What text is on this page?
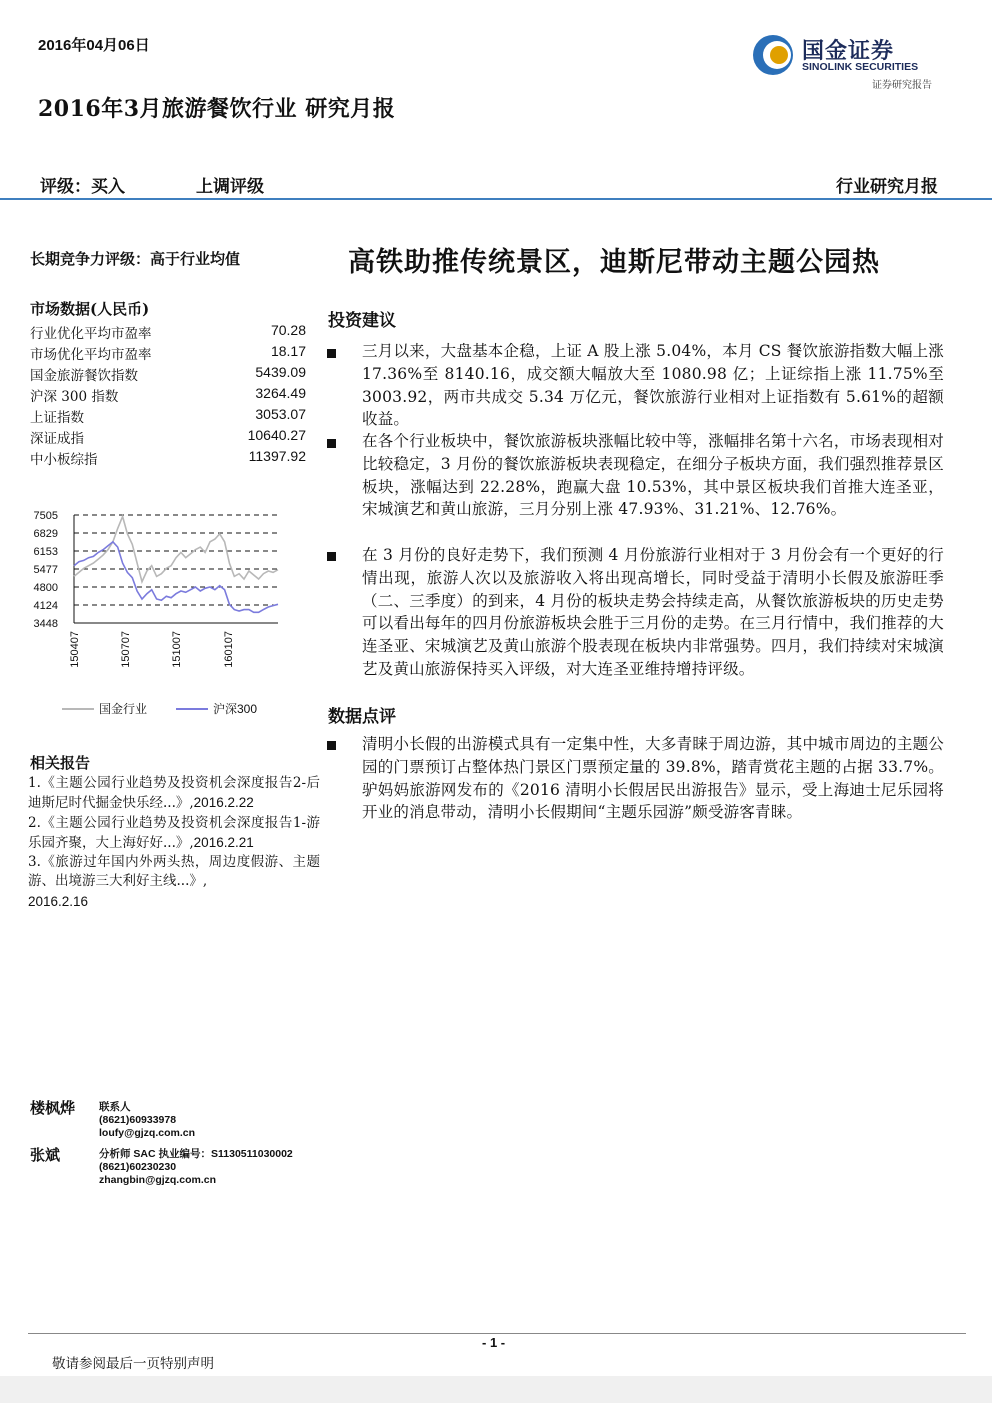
2016年04月06日
2016年3月旅游餐饮行业 研究月报
国金证券
SINOLINK SECURITIES
证券研究报告
评级：买入	上调评级	行业研究月报
长期竞争力评级：高于行业均值
市场数据(人民币)
行业优化平均市盈率	70.28
市场优化平均市盈率	18.17
国金旅游餐饮指数	5439.09
沪深 300 指数	3264.49
上证指数	3053.07
深证成指	10640.27
中小板综指	11397.92
7505
6829
6153
5477
4800
4124
3448
150407	150707	151007	160107
国金行业	沪深300
相关报告
1.《主题公园行业趋势及投资机会深度报告2-后迪斯尼时代掘金快乐经...》,2016.2.22
2.《主题公园行业趋势及投资机会深度报告1-游乐园齐聚，大上海好好...》,2016.2.21
3.《旅游过年国内外两头热，周边度假游、主题游、出境游三大利好主线...》,
2016.2.16
楼枫烨 联系人
(8621)60933978
loufy@gjzq.com.cn
张斌	分析师 SAC 执业编号：S1130511030002
(8621)60230230
zhangbin@gjzq.com.cn
高铁助推传统景区，迪斯尼带动主题公园热
投资建议
三月以来，大盘基本企稳，上证 A 股上涨 5.04%，本月 CS 餐饮旅游指数大幅上涨 17.36%至 8140.16，成交额大幅放大至 1080.98 亿；上证综指上涨 11.75%至 3003.92，两市共成交 5.34 万亿元，餐饮旅游行业相对上证指数有 5.61%的超额收益。
在各个行业板块中，餐饮旅游板块涨幅比较中等，涨幅排名第十六名，市场表现相对比较稳定，3 月份的餐饮旅游板块表现稳定，在细分子板块方面，我们强烈推荐景区板块，涨幅达到 22.28%，跑赢大盘 10.53%，其中景区板块我们首推大连圣亚，宋城演艺和黄山旅游，三月分别上涨 47.93%、31.21%、12.76%。
在 3 月份的良好走势下，我们预测 4 月份旅游行业相对于 3 月份会有一个更好的行情出现，旅游人次以及旅游收入将出现高增长，同时受益于清明小长假及旅游旺季（二、三季度）的到来，4 月份的板块走势会持续走高，从餐饮旅游板块的历史走势可以看出每年的四月份旅游板块会胜于三月份的走势。在三月行情中，我们推荐的大连圣亚、宋城演艺及黄山旅游个股表现在板块内非常强势。四月，我们持续对宋城演艺及黄山旅游保持买入评级，对大连圣亚维持增持评级。
数据点评
清明小长假的出游模式具有一定集中性，大多青睐于周边游，其中城市周边的主题公园的门票预订占整体热门景区门票预定量的 39.8%，踏青赏花主题的占据 33.7%。驴妈妈旅游网发布的《2016 清明小长假居民出游报告》显示，受上海迪士尼乐园将开业的消息带动，清明小长假期间“主题乐园游”颇受游客青睐。
- 1 -
敬请参阅最后一页特别声明
